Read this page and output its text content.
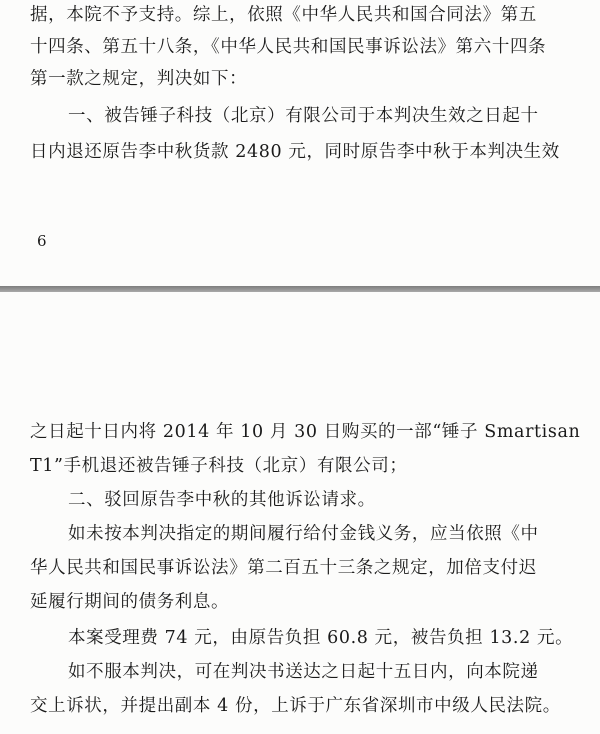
据，本院不予支持。综上，依照《中华人民共和国合同法》第五
十四条、第五十八条，《中华人民共和国民事诉讼法》第六十四条
第一款之规定，判决如下：
一、被告锤子科技（北京）有限公司于本判决生效之日起十
日内退还原告李中秋货款 2480 元，同时原告李中秋于本判决生效
6
之日起十日内将 2014 年 10 月 30 日购买的一部“锤子 Smartisan
T1”手机退还被告锤子科技（北京）有限公司；
二、驳回原告李中秋的其他诉讼请求。
如未按本判决指定的期间履行给付金钱义务，应当依照《中
华人民共和国民事诉讼法》第二百五十三条之规定，加倍支付迟
延履行期间的债务利息。
本案受理费 74 元，由原告负担 60.8 元，被告负担 13.2 元。
如不服本判决，可在判决书送达之日起十五日内，向本院递
交上诉状，并提出副本 4 份，上诉于广东省深圳市中级人民法院。
